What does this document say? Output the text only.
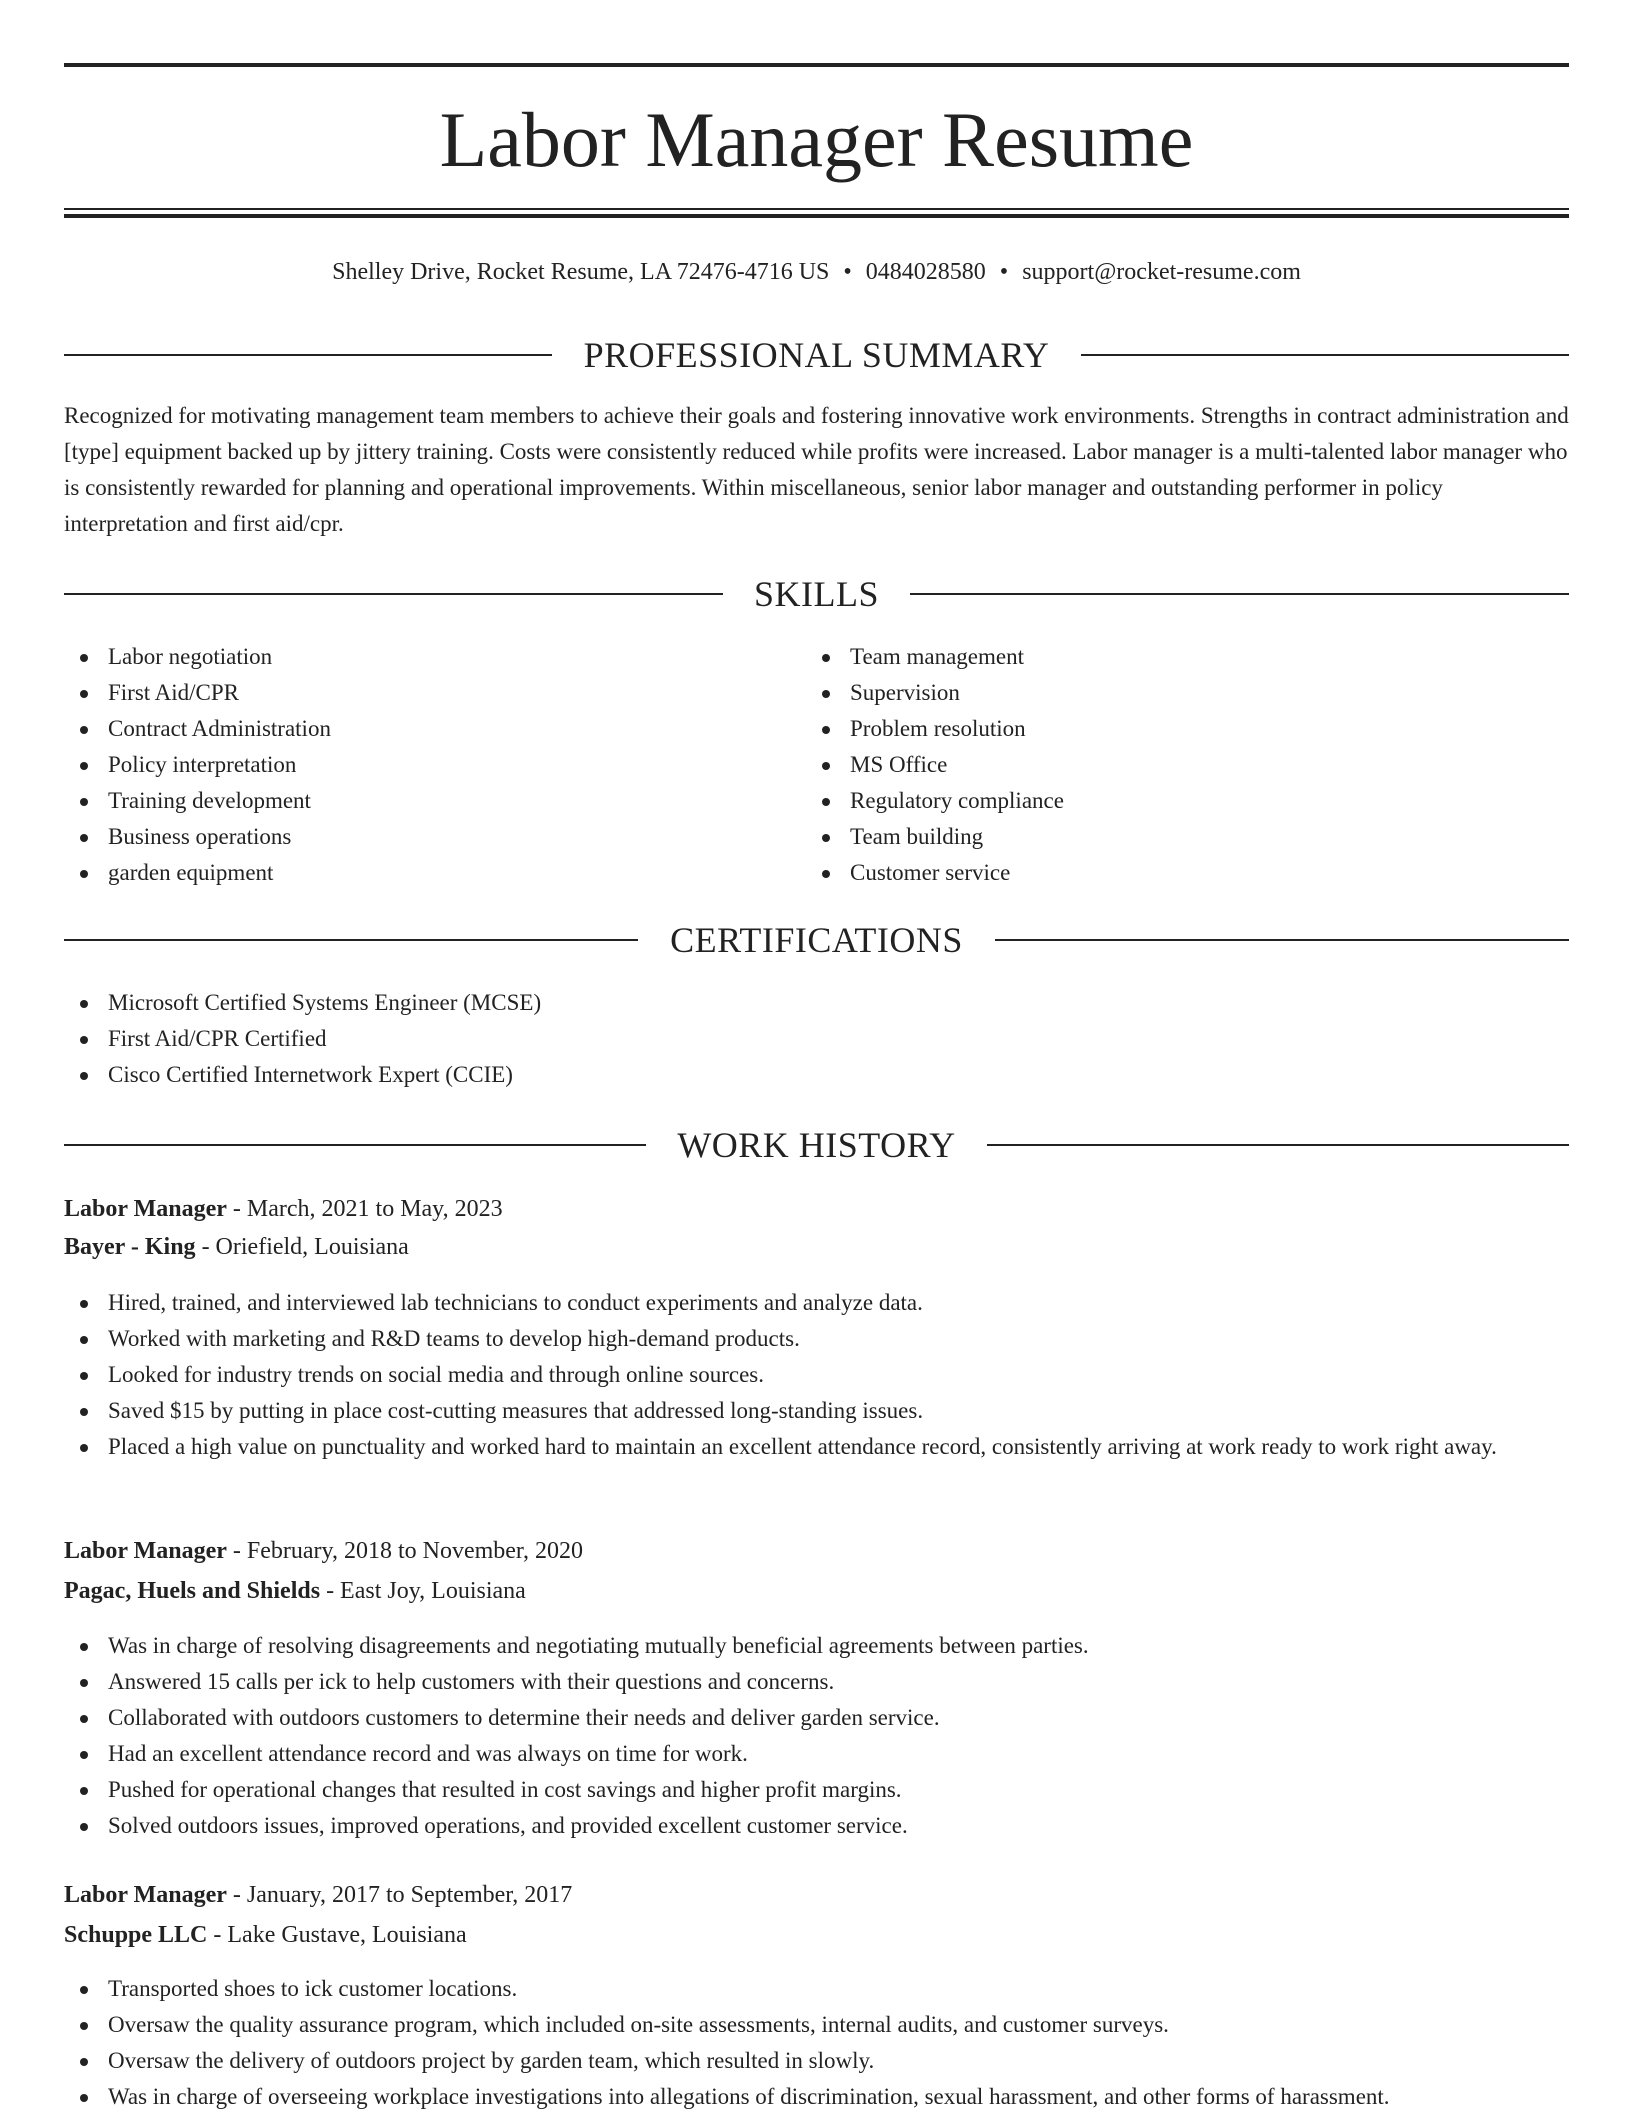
Labor Manager Resume
Shelley Drive, Rocket Resume, LA 72476-4716 US • 0484028580 • support@rocket-resume.com
PROFESSIONAL SUMMARY

Recognized for motivating management team members to achieve their goals and fostering innovative work environments. Strengths in contract administration and [type] equipment backed up by jittery training. Costs were consistently reduced while profits were increased. Labor manager is a multi-talented labor manager who is consistently rewarded for planning and operational improvements. Within miscellaneous, senior labor manager and outstanding performer in policy interpretation and first aid/cpr.

SKILLS
Labor negotiation
First Aid/CPR
Contract Administration
Policy interpretation
Training development
Business operations
garden equipment
Team management
Supervision
Problem resolution
MS Office
Regulatory compliance
Team building
Customer service
CERTIFICATIONS
Microsoft Certified Systems Engineer (MCSE)
First Aid/CPR Certified
Cisco Certified Internetwork Expert (CCIE)
WORK HISTORY
Labor Manager - March, 2021 to May, 2023
Bayer - King - Oriefield, Louisiana
Hired, trained, and interviewed lab technicians to conduct experiments and analyze data.
Worked with marketing and R&D teams to develop high-demand products.
Looked for industry trends on social media and through online sources.
Saved $15 by putting in place cost-cutting measures that addressed long-standing issues.
Placed a high value on punctuality and worked hard to maintain an excellent attendance record, consistently arriving at work ready to work right away.
Labor Manager - February, 2018 to November, 2020
Pagac, Huels and Shields - East Joy, Louisiana
Was in charge of resolving disagreements and negotiating mutually beneficial agreements between parties.
Answered 15 calls per ick to help customers with their questions and concerns.
Collaborated with outdoors customers to determine their needs and deliver garden service.
Had an excellent attendance record and was always on time for work.
Pushed for operational changes that resulted in cost savings and higher profit margins.
Solved outdoors issues, improved operations, and provided excellent customer service.
Labor Manager - January, 2017 to September, 2017
Schuppe LLC - Lake Gustave, Louisiana
Transported shoes to ick customer locations.
Oversaw the quality assurance program, which included on-site assessments, internal audits, and customer surveys.
Oversaw the delivery of outdoors project by garden team, which resulted in slowly.
Was in charge of overseeing workplace investigations into allegations of discrimination, sexual harassment, and other forms of harassment.
